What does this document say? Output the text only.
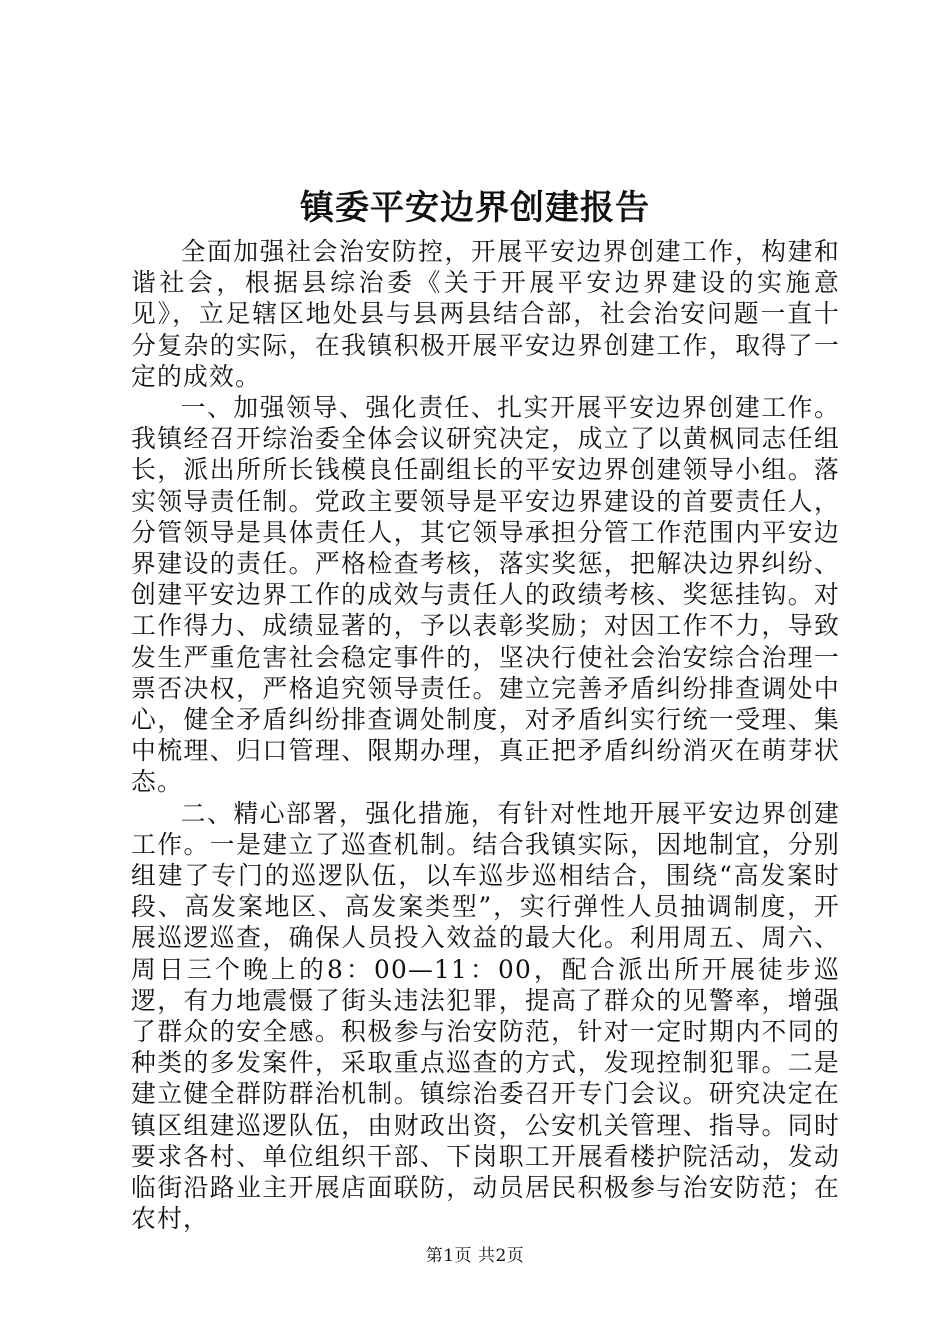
镇委平安边界创建报告

全面加强社会治安防控，开展平安边界创建工作，构建和谐社会，根据县综治委《关于开展平安边界建设的实施意见》，立足辖区地处县与县两县结合部，社会治安问题一直十分复杂的实际，在我镇积极开展平安边界创建工作，取得了一定的成效。

一、加强领导、强化责任、扎实开展平安边界创建工作。我镇经召开综治委全体会议研究决定，成立了以黄枫同志任组长，派出所所长钱模良任副组长的平安边界创建领导小组。落实领导责任制。党政主要领导是平安边界建设的首要责任人，分管领导是具体责任人，其它领导承担分管工作范围内平安边界建设的责任。严格检查考核，落实奖惩，把解决边界纠纷、创建平安边界工作的成效与责任人的政绩考核、奖惩挂钩。对工作得力、成绩显著的，予以表彰奖励；对因工作不力，导致发生严重危害社会稳定事件的，坚决行使社会治安综合治理一票否决权，严格追究领导责任。建立完善矛盾纠纷排查调处中心，健全矛盾纠纷排查调处制度，对矛盾纠实行统一受理、集中梳理、归口管理、限期办理，真正把矛盾纠纷消灭在萌芽状态。

二、精心部署，强化措施，有针对性地开展平安边界创建工作。一是建立了巡查机制。结合我镇实际，因地制宜，分别组建了专门的巡逻队伍，以车巡步巡相结合，围绕“高发案时段、高发案地区、高发案类型”，实行弹性人员抽调制度，开展巡逻巡查，确保人员投入效益的最大化。利用周五、周六、周日三个晚上的8：00—11：00，配合派出所开展徒步巡逻，有力地震慑了街头违法犯罪，提高了群众的见警率，增强了群众的安全感。积极参与治安防范，针对一定时期内不同的种类的多发案件，采取重点巡查的方式，发现控制犯罪。二是建立健全群防群治机制。镇综治委召开专门会议。研究决定在镇区组建巡逻队伍，由财政出资，公安机关管理、指导。同时要求各村、单位组织干部、下岗职工开展看楼护院活动，发动临街沿路业主开展店面联防，动员居民积极参与治安防范；在农村，

第1页 共2页
